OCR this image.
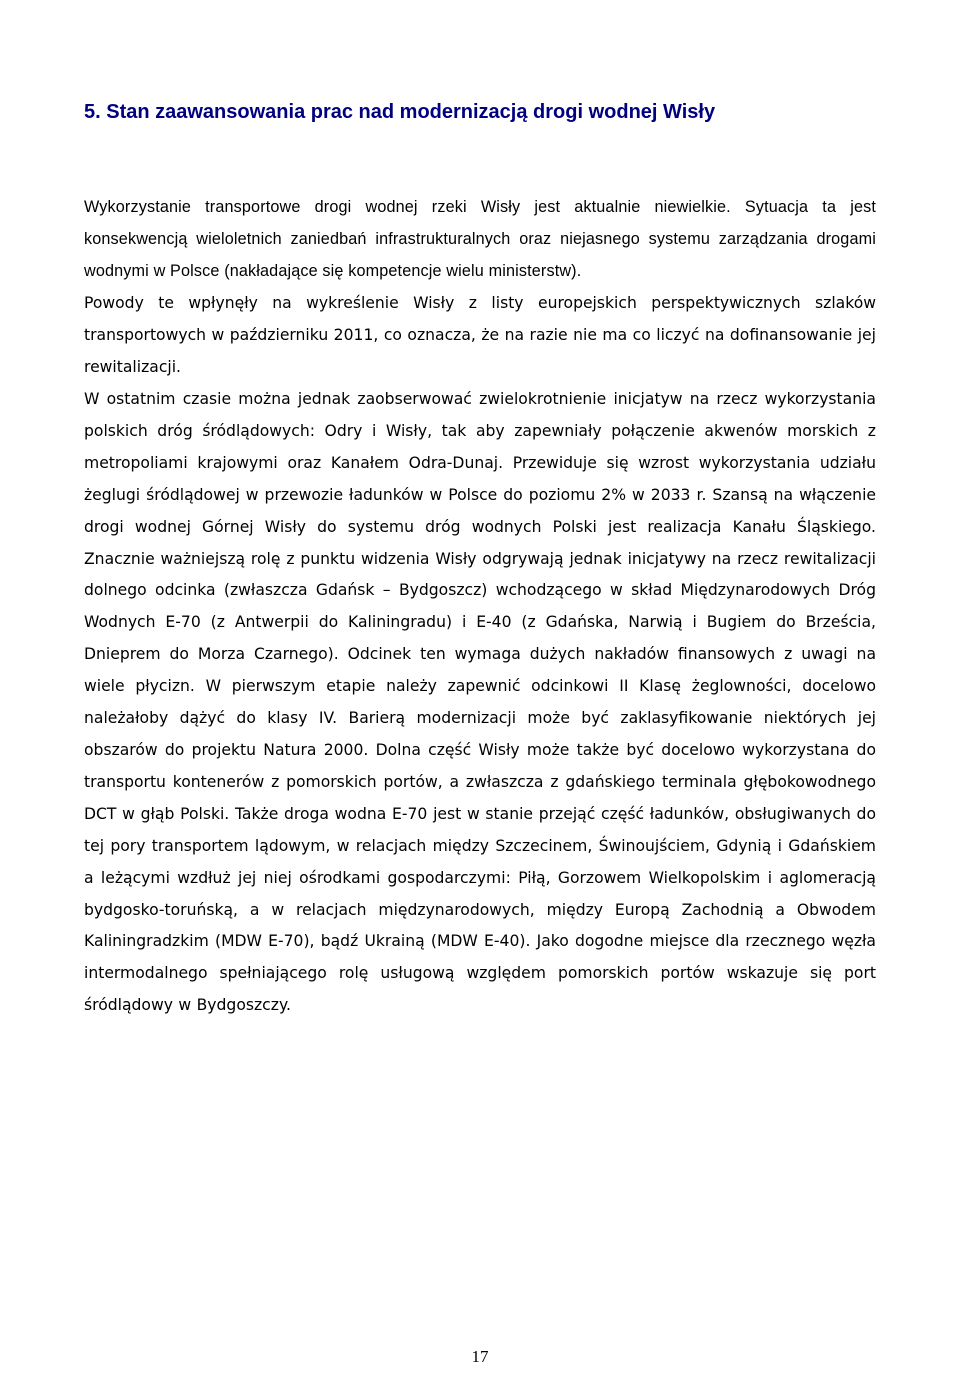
5. Stan zaawansowania prac nad modernizacją drogi wodnej Wisły

Wykorzystanie transportowe drogi wodnej rzeki Wisły jest aktualnie niewielkie. Sytuacja ta jest konsekwencją wieloletnich zaniedbań infrastrukturalnych oraz niejasnego systemu zarządzania drogami wodnymi w Polsce (nakładające się kompetencje wielu ministerstw).

Powody te wpłynęły na wykreślenie Wisły z listy europejskich perspektywicznych szlaków transportowych w październiku 2011, co oznacza, że na razie nie ma co liczyć na dofinansowanie jej rewitalizacji.

W ostatnim czasie można jednak zaobserwować zwielokrotnienie inicjatyw na rzecz wykorzystania polskich dróg śródlądowych: Odry i Wisły, tak aby zapewniały połączenie akwenów morskich z metropoliami krajowymi oraz Kanałem Odra-Dunaj. Przewiduje się wzrost wykorzystania udziału żeglugi śródlądowej w przewozie ładunków w Polsce do poziomu 2% w 2033 r. Szansą na włączenie drogi wodnej Górnej Wisły do systemu dróg wodnych Polski jest realizacja Kanału Śląskiego. Znacznie ważniejszą rolę z punktu widzenia Wisły odgrywają jednak inicjatywy na rzecz rewitalizacji dolnego odcinka (zwłaszcza Gdańsk – Bydgoszcz) wchodzącego w skład Międzynarodowych Dróg Wodnych E-70 (z Antwerpii do Kaliningradu) i E-40 (z Gdańska, Narwią i Bugiem do Brześcia, Dnieprem do Morza Czarnego). Odcinek ten wymaga dużych nakładów finansowych z uwagi na wiele płycizn. W pierwszym etapie należy zapewnić odcinkowi II Klasę żeglowności, docelowo należałoby dążyć do klasy IV. Barierą modernizacji może być zaklasyfikowanie niektórych jej obszarów do projektu Natura 2000. Dolna część Wisły może także być docelowo wykorzystana do transportu kontenerów z pomorskich portów, a zwłaszcza z gdańskiego terminala głębokowodnego DCT w głąb Polski. Także droga wodna E-70 jest w stanie przejąć część ładunków, obsługiwanych do tej pory transportem lądowym, w relacjach między Szczecinem, Świnoujściem, Gdynią i Gdańskiem a leżącymi wzdłuż jej niej ośrodkami gospodarczymi: Piłą, Gorzowem Wielkopolskim i aglomeracją bydgosko-toruńską, a w relacjach międzynarodowych, między Europą Zachodnią a Obwodem Kaliningradzkim (MDW E-70), bądź Ukrainą (MDW E-40). Jako dogodne miejsce dla rzecznego węzła intermodalnego spełniającego rolę usługową względem pomorskich portów wskazuje się port śródlądowy w Bydgoszczy.

17
